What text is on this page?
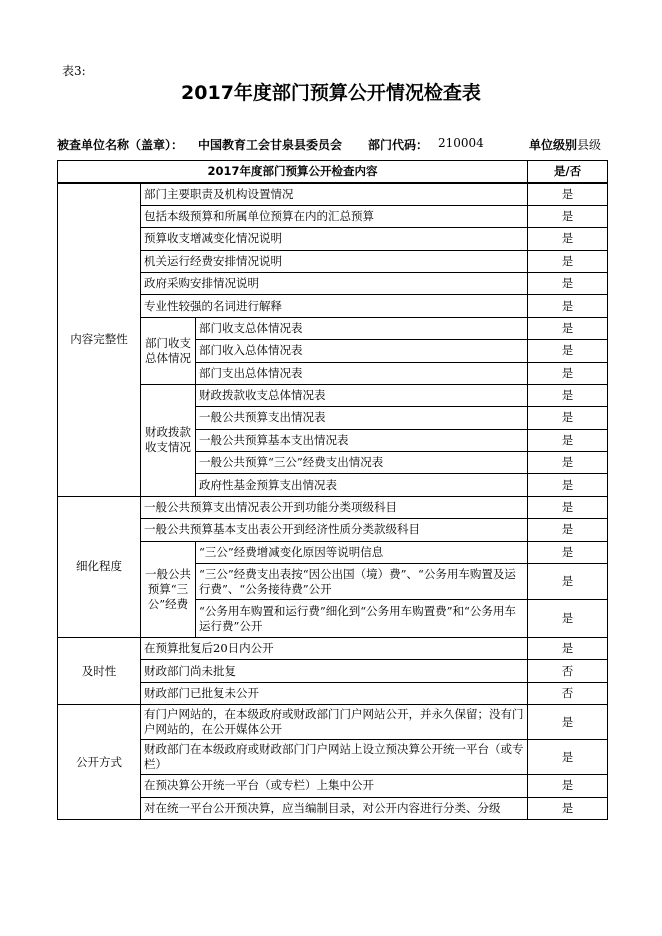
表3:
2017年度部门预算公开情况检查表
被查单位名称（盖章）： 中国教育工会甘泉县委员会 部门代码： 210004	单位级别 县级
2017年度部门预算公开检查内容			是/否
内容完整性	部门主要职责及机构设置情况		是
	包括本级预算和所属单位预算在内的汇总预算		是
	预算收支增减变化情况说明		是
	机关运行经费安排情况说明		是
	政府采购安排情况说明		是
	专业性较强的名词进行解释		是
	部门收支总体情况	部门收支总体情况表	是
		部门收入总体情况表	是
		部门支出总体情况表	是
	财政拨款收支情况	财政拨款收支总体情况表	是
		一般公共预算支出情况表	是
		一般公共预算基本支出情况表	是
		一般公共预算“三公”经费支出情况表	是
		政府性基金预算支出情况表	是
细化程度	一般公共预算支出情况表公开到功能分类项级科目		是
	一般公共预算基本支出表公开到经济性质分类款级科目		是
	一般公共预算“三公”经费	“三公”经费增减变化原因等说明信息	是
		“三公”经费支出表按“因公出国（境）费”、“公务用车购置及运行费”、“公务接待费”公开	是
		“公务用车购置和运行费”细化到“公务用车购置费”和“公务用车运行费”公开	是
及时性	在预算批复后20日内公开		是
	财政部门尚未批复		否
	财政部门已批复未公开		否
公开方式	有门户网站的，在本级政府或财政部门门户网站公开，并永久保留；没有门户网站的，在公开媒体公开		是
	财政部门在本级政府或财政部门门户网站上设立预决算公开统一平台（或专栏）		是
	在预决算公开统一平台（或专栏）上集中公开		是
	对在统一平台公开预决算，应当编制目录，对公开内容进行分类、分级		是
